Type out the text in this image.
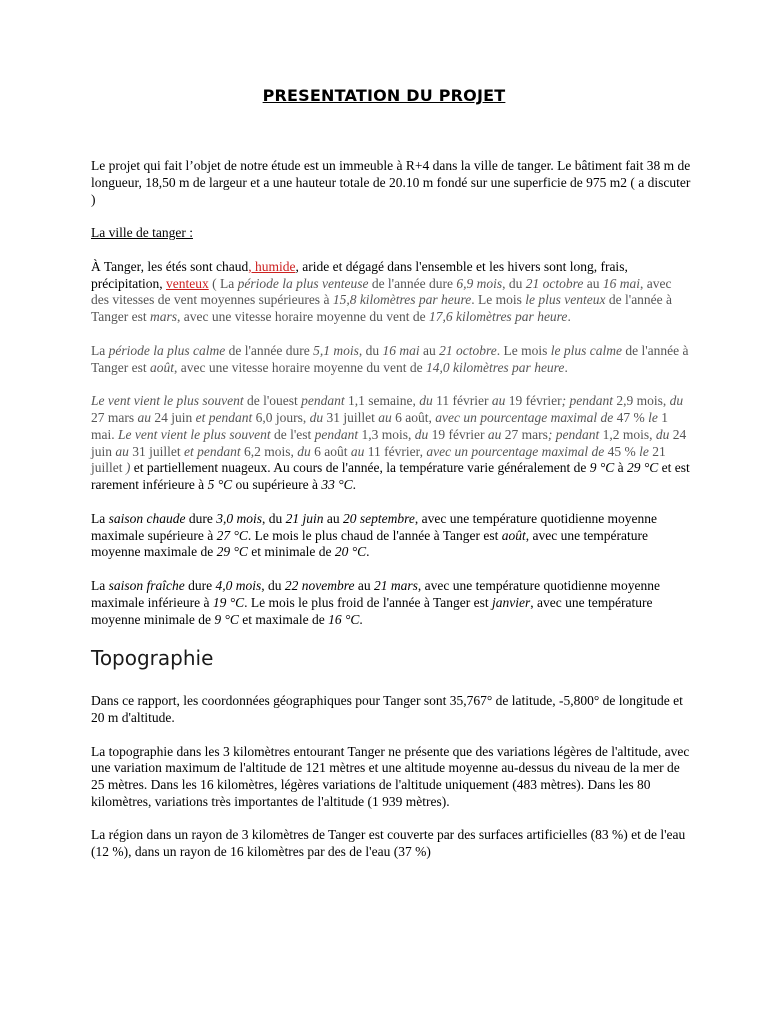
PRESENTATION DU PROJET

Le projet qui fait l’objet de notre étude est un immeuble à R+4 dans la ville de tanger. Le bâtiment fait 38 m de longueur, 18,50 m de largeur et a une hauteur totale de 20.10 m fondé sur une superficie de 975 m2 ( a discuter )

La ville de tanger :

À Tanger, les étés sont chaud, humide, aride et dégagé dans l'ensemble et les hivers sont long, frais, précipitation, venteux ( La période la plus venteuse de l'année dure 6,9 mois, du 21 octobre au 16 mai, avec des vitesses de vent moyennes supérieures à 15,8 kilomètres par heure. Le mois le plus venteux de l'année à Tanger est mars, avec une vitesse horaire moyenne du vent de 17,6 kilomètres par heure.

La période la plus calme de l'année dure 5,1 mois, du 16 mai au 21 octobre. Le mois le plus calme de l'année à Tanger est août, avec une vitesse horaire moyenne du vent de 14,0 kilomètres par heure.

Le vent vient le plus souvent de l'ouest pendant 1,1 semaine, du 11 février au 19 février; pendant 2,9 mois, du 27 mars au 24 juin et pendant 6,0 jours, du 31 juillet au 6 août, avec un pourcentage maximal de 47 % le 1 mai. Le vent vient le plus souvent de l'est pendant 1,3 mois, du 19 février au 27 mars; pendant 1,2 mois, du 24 juin au 31 juillet et pendant 6,2 mois, du 6 août au 11 février, avec un pourcentage maximal de 45 % le 21 juillet ) et partiellement nuageux. Au cours de l'année, la température varie généralement de 9 °C à 29 °C et est rarement inférieure à 5 °C ou supérieure à 33 °C.

La saison chaude dure 3,0 mois, du 21 juin au 20 septembre, avec une température quotidienne moyenne maximale supérieure à 27 °C. Le mois le plus chaud de l'année à Tanger est août, avec une température moyenne maximale de 29 °C et minimale de 20 °C.

La saison fraîche dure 4,0 mois, du 22 novembre au 21 mars, avec une température quotidienne moyenne maximale inférieure à 19 °C. Le mois le plus froid de l'année à Tanger est janvier, avec une température moyenne minimale de 9 °C et maximale de 16 °C.

Topographie

Dans ce rapport, les coordonnées géographiques pour Tanger sont 35,767° de latitude, -5,800° de longitude et 20 m d'altitude.

La topographie dans les 3 kilomètres entourant Tanger ne présente que des variations légères de l'altitude, avec une variation maximum de l'altitude de 121 mètres et une altitude moyenne au-dessus du niveau de la mer de 25 mètres. Dans les 16 kilomètres, légères variations de l'altitude uniquement (483 mètres). Dans les 80 kilomètres, variations très importantes de l'altitude (1 939 mètres).

La région dans un rayon de 3 kilomètres de Tanger est couverte par des surfaces artificielles (83 %) et de l'eau (12 %), dans un rayon de 16 kilomètres par des de l'eau (37 %)
